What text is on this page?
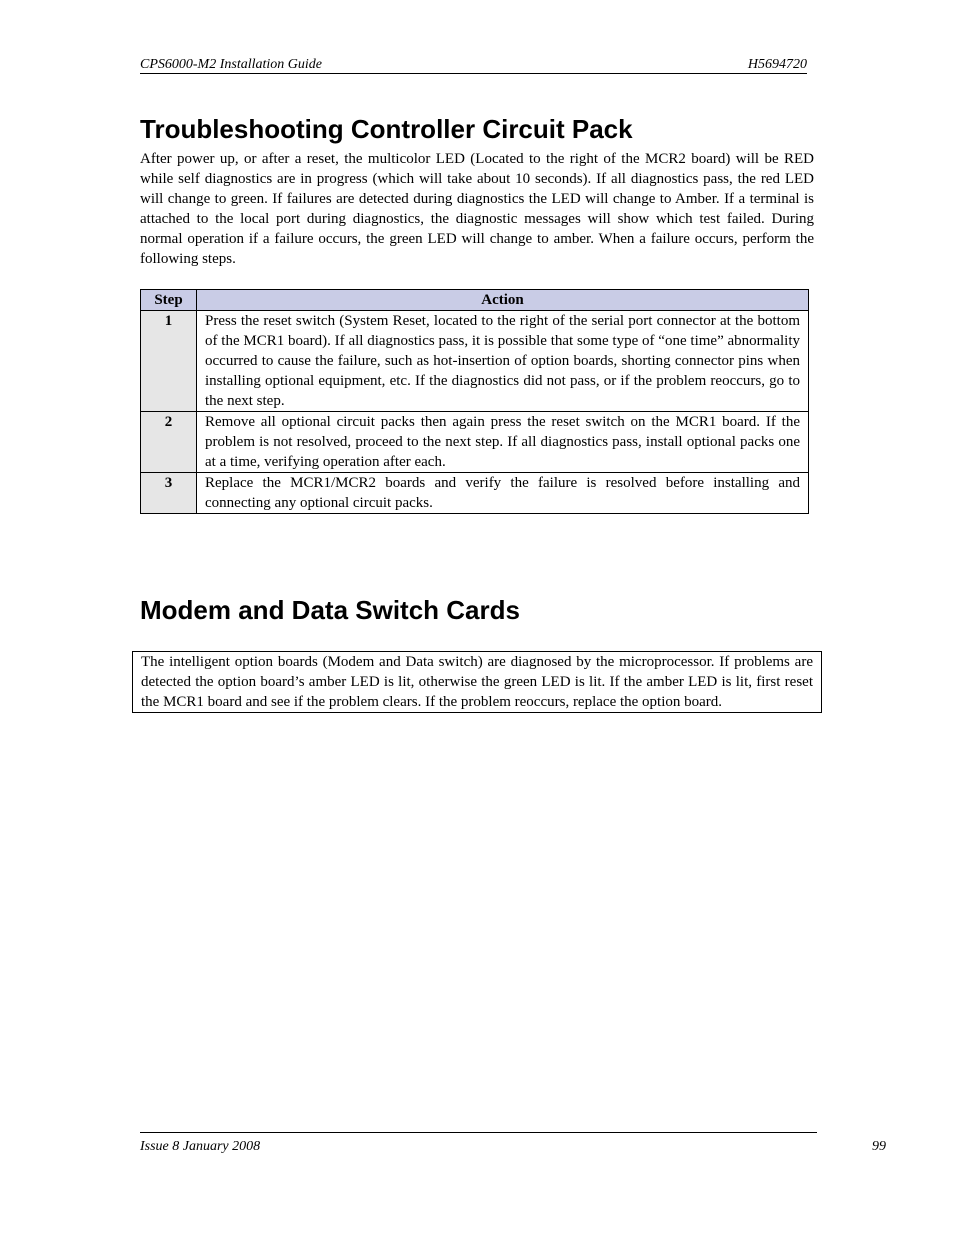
CPS6000-M2 Installation Guide	H5694720
Troubleshooting Controller Circuit Pack

After power up, or after a reset, the multicolor LED (Located to the right of the MCR2 board) will be RED while self diagnostics are in progress (which will take about 10 seconds). If all diagnostics pass, the red LED will change to green. If failures are detected during diagnostics the LED will change to Amber. If a terminal is attached to the local port during diagnostics, the diagnostic messages will show which test failed. During normal operation if a failure occurs, the green LED will change to amber. When a failure occurs, perform the following steps.

Step	Action
1	Press the reset switch (System Reset, located to the right of the serial port connector at the bottom of the MCR1 board). If all diagnostics pass, it is possible that some type of “one time” abnormality occurred to cause the failure, such as hot-insertion of option boards, shorting connector pins when installing optional equipment, etc. If the diagnostics did not pass, or if the problem reoccurs, go to the next step.
2	Remove all optional circuit packs then again press the reset switch on the MCR1 board. If the problem is not resolved, proceed to the next step. If all diagnostics pass, install optional packs one at a time, verifying operation after each.
3	Replace the MCR1/MCR2 boards and verify the failure is resolved before installing and connecting any optional circuit packs.
Modem and Data Switch Cards
The intelligent option boards (Modem and Data switch) are diagnosed by the microprocessor. If problems are detected the option board’s amber LED is lit, otherwise the green LED is lit. If the amber LED is lit, first reset the MCR1 board and see if the problem clears. If the problem reoccurs, replace the option board.
Issue 8 January 2008	99
